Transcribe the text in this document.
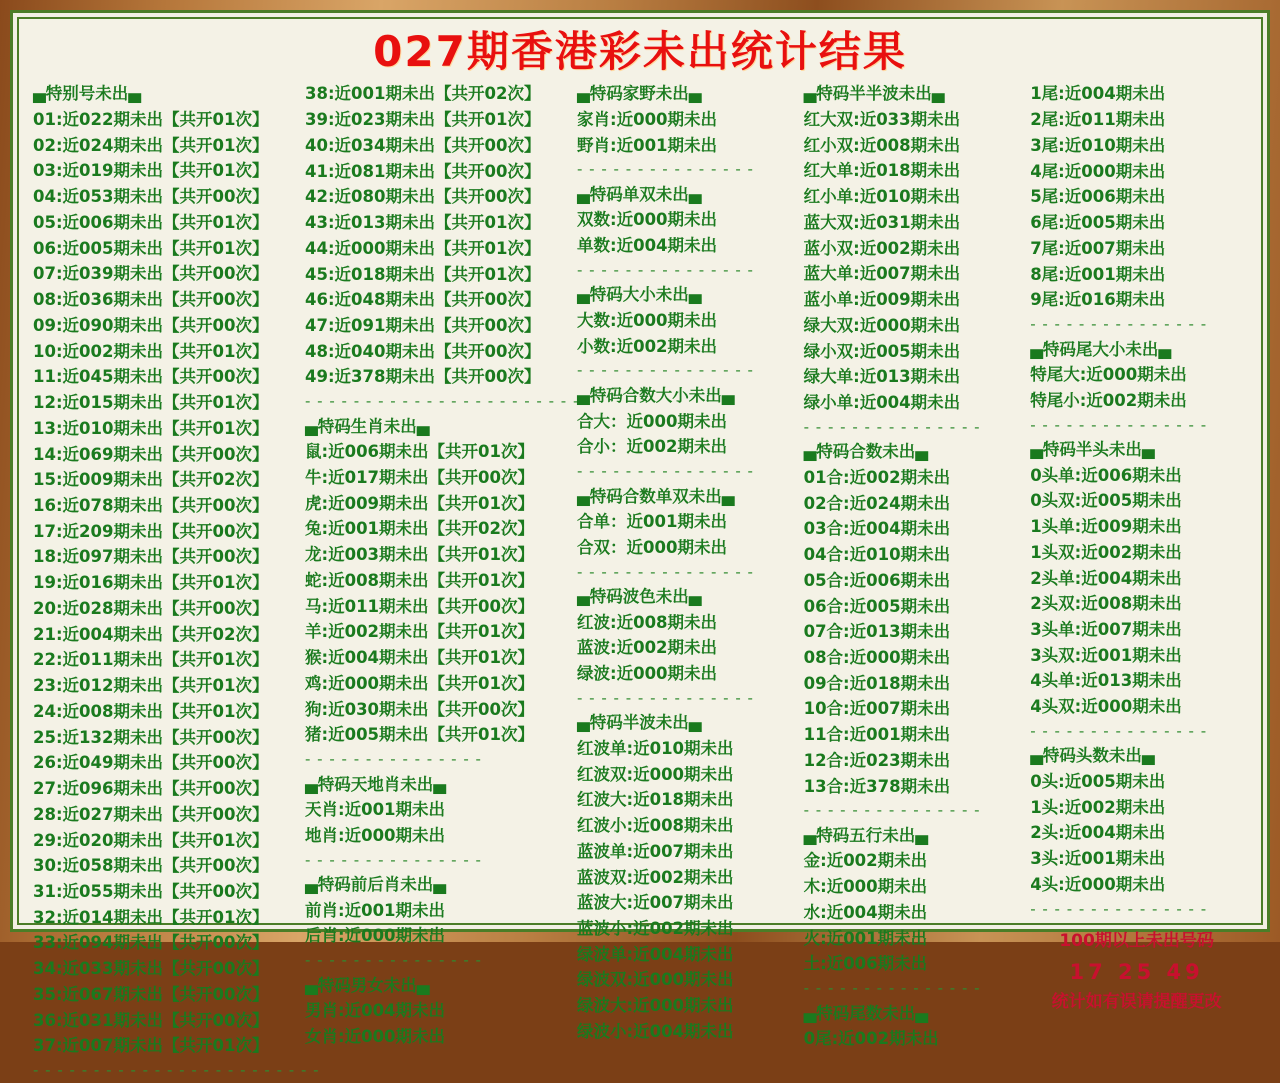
027期香港彩未出统计结果
▄特别号未出▄
01:近022期未出【共开01次】
02:近024期未出【共开01次】
03:近019期未出【共开01次】
04:近053期未出【共开00次】
05:近006期未出【共开01次】
06:近005期未出【共开01次】
07:近039期未出【共开00次】
08:近036期未出【共开00次】
09:近090期未出【共开00次】
10:近002期未出【共开01次】
11:近045期未出【共开00次】
12:近015期未出【共开01次】
13:近010期未出【共开01次】
14:近069期未出【共开00次】
15:近009期未出【共开02次】
16:近078期未出【共开00次】
17:近209期未出【共开00次】
18:近097期未出【共开00次】
19:近016期未出【共开01次】
20:近028期未出【共开00次】
21:近004期未出【共开02次】
22:近011期未出【共开01次】
23:近012期未出【共开01次】
24:近008期未出【共开01次】
25:近132期未出【共开00次】
26:近049期未出【共开00次】
27:近096期未出【共开00次】
28:近027期未出【共开00次】
29:近020期未出【共开01次】
30:近058期未出【共开00次】
31:近055期未出【共开00次】
32:近014期未出【共开01次】
33:近094期未出【共开00次】
34:近033期未出【共开00次】
35:近067期未出【共开00次】
36:近031期未出【共开00次】
37:近007期未出【共开01次】
- - - - - - - - - - - - - - - - - - - - - - - -
38:近001期未出【共开02次】
39:近023期未出【共开01次】
40:近034期未出【共开00次】
41:近081期未出【共开00次】
42:近080期未出【共开00次】
43:近013期未出【共开01次】
44:近000期未出【共开01次】
45:近018期未出【共开01次】
46:近048期未出【共开00次】
47:近091期未出【共开00次】
48:近040期未出【共开00次】
49:近378期未出【共开00次】
- - - - - - - - - - - - - - - - - - - - - - - -
▄特码生肖未出▄
鼠:近006期未出【共开01次】
牛:近017期未出【共开00次】
虎:近009期未出【共开01次】
兔:近001期未出【共开02次】
龙:近003期未出【共开01次】
蛇:近008期未出【共开01次】
马:近011期未出【共开00次】
羊:近002期未出【共开01次】
猴:近004期未出【共开01次】
鸡:近000期未出【共开01次】
狗:近030期未出【共开00次】
猪:近005期未出【共开01次】
- - - - - - - - - - - - - - -
▄特码天地肖未出▄
天肖:近001期未出
地肖:近000期未出
- - - - - - - - - - - - - - -
▄特码前后肖未出▄
前肖:近001期未出
后肖:近000期未出
- - - - - - - - - - - - - - -
▄特码男女未出▄
男肖:近004期未出
女肖:近000期未出
▄特码家野未出▄
家肖:近000期未出
野肖:近001期未出
- - - - - - - - - - - - - - -
▄特码单双未出▄
双数:近000期未出
单数:近004期未出
- - - - - - - - - - - - - - -
▄特码大小未出▄
大数:近000期未出
小数:近002期未出
- - - - - - - - - - - - - - -
▄特码合数大小未出▄
合大：近000期未出
合小：近002期未出
- - - - - - - - - - - - - - -
▄特码合数单双未出▄
合单：近001期未出
合双：近000期未出
- - - - - - - - - - - - - - -
▄特码波色未出▄
红波:近008期未出
蓝波:近002期未出
绿波:近000期未出
- - - - - - - - - - - - - - -
▄特码半波未出▄
红波单:近010期未出
红波双:近000期未出
红波大:近018期未出
红波小:近008期未出
蓝波单:近007期未出
蓝波双:近002期未出
蓝波大:近007期未出
蓝波小:近002期未出
绿波单:近004期未出
绿波双:近000期未出
绿波大:近000期未出
绿波小:近004期未出
▄特码半半波未出▄
红大双:近033期未出
红小双:近008期未出
红大单:近018期未出
红小单:近010期未出
蓝大双:近031期未出
蓝小双:近002期未出
蓝大单:近007期未出
蓝小单:近009期未出
绿大双:近000期未出
绿小双:近005期未出
绿大单:近013期未出
绿小单:近004期未出
- - - - - - - - - - - - - - -
▄特码合数未出▄
01合:近002期未出
02合:近024期未出
03合:近004期未出
04合:近010期未出
05合:近006期未出
06合:近005期未出
07合:近013期未出
08合:近000期未出
09合:近018期未出
10合:近007期未出
11合:近001期未出
12合:近023期未出
13合:近378期未出
- - - - - - - - - - - - - - -
▄特码五行未出▄
金:近002期未出
木:近000期未出
水:近004期未出
火:近001期未出
土:近006期未出
- - - - - - - - - - - - - - -
▄特码尾数未出▄
0尾:近002期未出
1尾:近004期未出
2尾:近011期未出
3尾:近010期未出
4尾:近000期未出
5尾:近006期未出
6尾:近005期未出
7尾:近007期未出
8尾:近001期未出
9尾:近016期未出
- - - - - - - - - - - - - - -
▄特码尾大小未出▄
特尾大:近000期未出
特尾小:近002期未出
- - - - - - - - - - - - - - -
▄特码半头未出▄
0头单:近006期未出
0头双:近005期未出
1头单:近009期未出
1头双:近002期未出
2头单:近004期未出
2头双:近008期未出
3头单:近007期未出
3头双:近001期未出
4头单:近013期未出
4头双:近000期未出
- - - - - - - - - - - - - - -
▄特码头数未出▄
0头:近005期未出
1头:近002期未出
2头:近004期未出
3头:近001期未出
4头:近000期未出
- - - - - - - - - - - - - - -
100期以上未出号码
17 25 49
统计如有误请提醒更改
